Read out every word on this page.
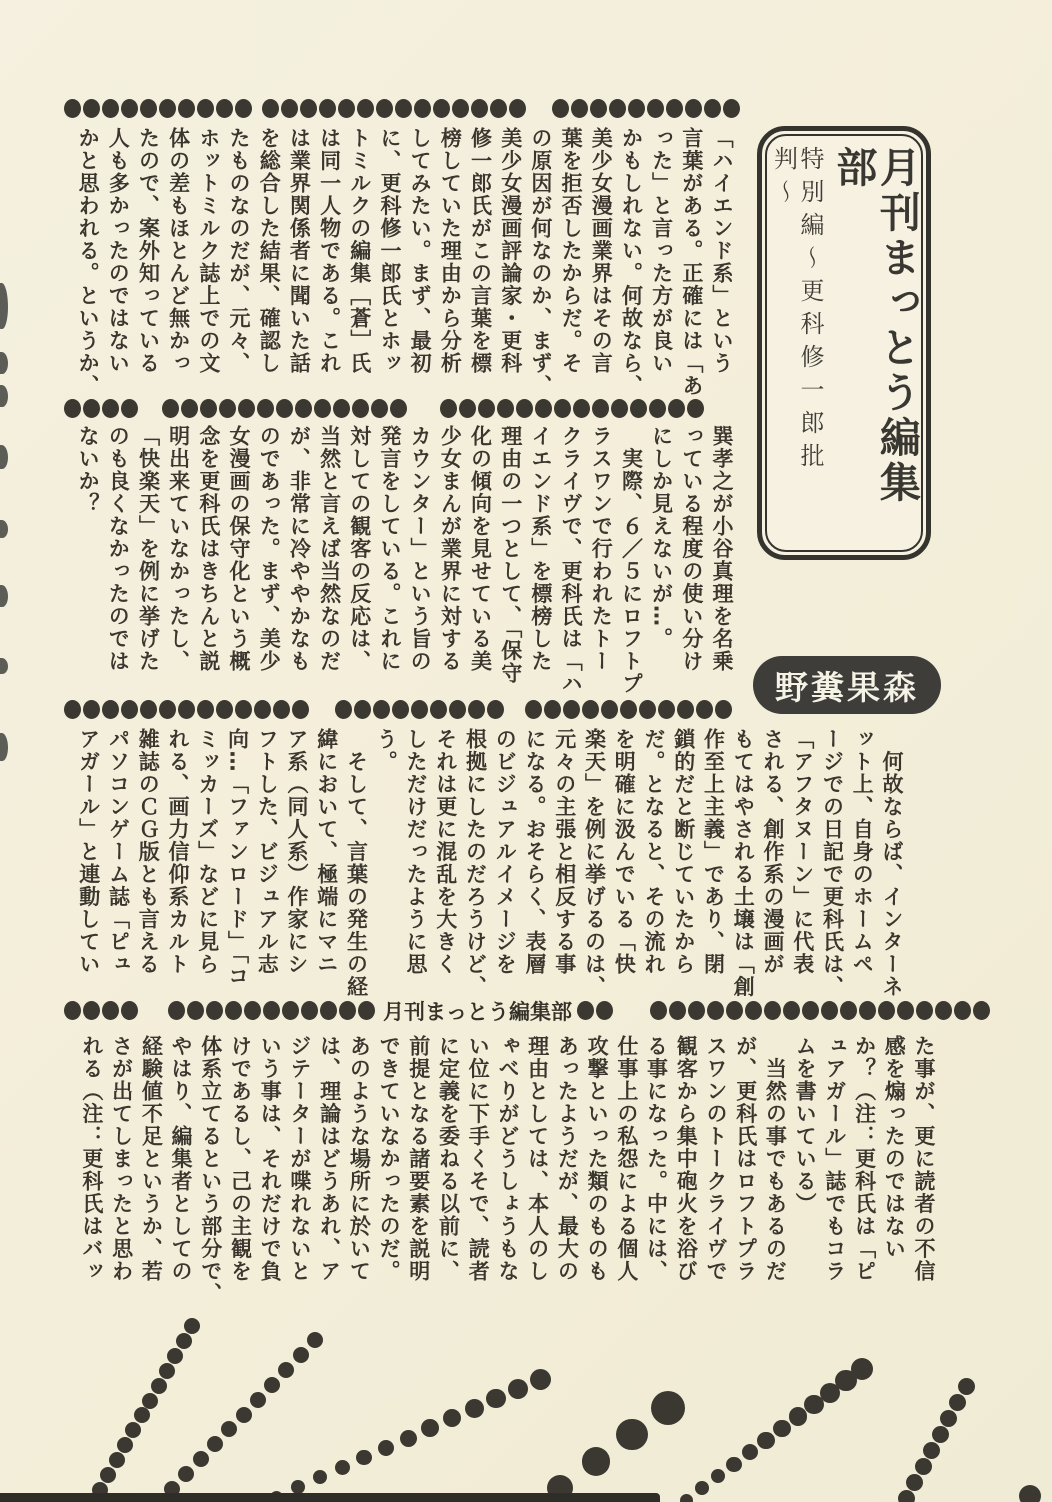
月刊まっとう編集部
特別編〜更科修一郎批判〜
野糞果森
「ハイエンド系」という
言葉がある。正確には「あ
った」と言った方が良い
かもしれない。何故なら、
美少女漫画業界はその言
葉を拒否したからだ。そ
の原因が何なのか、まず、
美少女漫画評論家・更科
修一郎氏がこの言葉を標
榜していた理由から分析
してみたい。まず、最初
に、更科修一郎氏とホッ
トミルクの編集［蒼］氏
は同一人物である。これ
は業界関係者に聞いた話
を総合した結果、確認し
たものなのだが、元々、
ホットミルク誌上での文
体の差もほとんど無かっ
たので、案外知っている
人も多かったのではない
かと思われる。というか、
巽孝之が小谷真理を名乗
っている程度の使い分け
にしか見えないが…。
　実際、６／５にロフトプ
ラスワンで行われたトー
クライヴで、更科氏は「ハ
イエンド系」を標榜した
理由の一つとして、「保守
化の傾向を見せている美
少女まんが業界に対する
カウンター」という旨の
発言をしている。これに
対しての観客の反応は、
当然と言えば当然なのだ
が、非常に冷ややかなも
のであった。まず、美少
女漫画の保守化という概
念を更科氏はきちんと説
明出来ていなかったし、
「快楽天」を例に挙げた
のも良くなかったのでは
ないか？
　何故ならば、インターネ
ット上、自身のホームペ
ージでの日記で更科氏は、
「アフタヌーン」に代表
される、創作系の漫画が
もてはやされる土壌は「創
作至上主義」であり、閉
鎖的だと断じていたから
だ。となると、その流れ
を明確に汲んでいる「快
楽天」を例に挙げるのは、
元々の主張と相反する事
になる。おそらく、表層
のビジュアルイメージを
根拠にしたのだろうけど、
それは更に混乱を大きく
しただけだったように思
う。
　そして、言葉の発生の経
緯において、極端にマニ
ア系（同人系）作家にシ
フトした、ビジュアル志
向…「ファンロード」「コ
ミッカーズ」などに見ら
れる、画力信仰系カルト
雑誌のＣＧ版とも言える
パソコンゲーム誌「ピュ
アガール」と連動してい
た事が、更に読者の不信
感を煽ったのではない
か？（注：更科氏は「ピ
ュアガール」誌でもコラ
ムを書いている）
　当然の事でもあるのだ
が、更科氏はロフトプラ
スワンのトークライヴで
観客から集中砲火を浴び
る事になった。中には、
仕事上の私怨による個人
攻撃といった類のものも
あったようだが、最大の
理由としては、本人のし
ゃべりがどうしょうもな
い位に下手くそで、読者
に定義を委ねる以前に、
前提となる諸要素を説明
できていなかったのだ。
あのような場所に於いて
は、理論はどうあれ、ア
ジテーターが喋れないと
いう事は、それだけで負
けであるし、己の主観を
体系立てるという部分で、
やはり、編集者としての
経験値不足というか、若
さが出てしまったと思わ
れる（注：更科氏はバッ
月刊まっとう編集部
